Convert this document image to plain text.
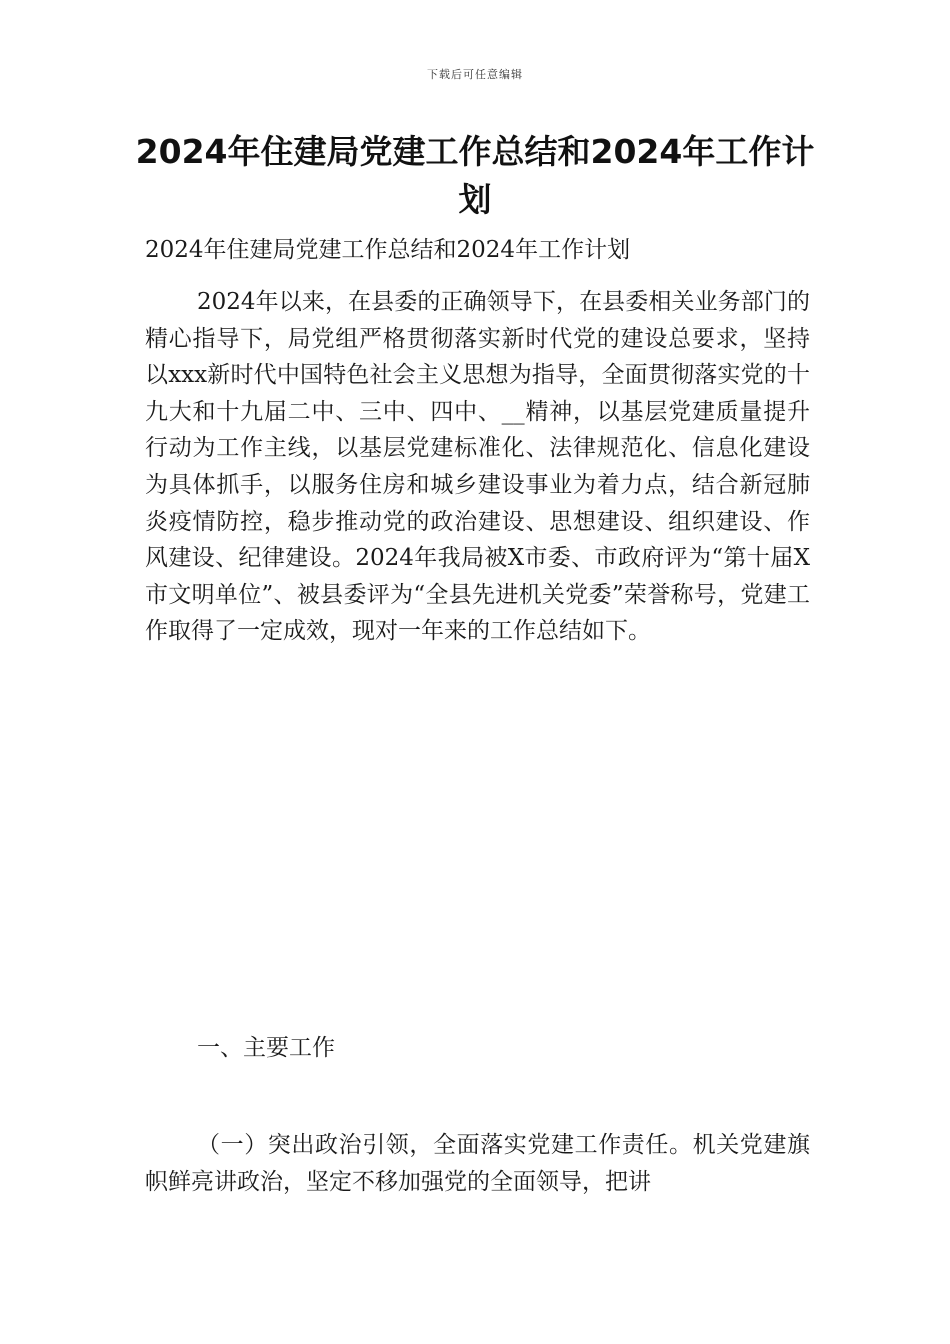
下载后可任意编辑
2024年住建局党建工作总结和2024年工作计划
2024年住建局党建工作总结和2024年工作计划

2024年以来，在县委的正确领导下，在县委相关业务部门的精心指导下，局党组严格贯彻落实新时代党的建设总要求，坚持以xxx新时代中国特色社会主义思想为指导，全面贯彻落实党的十九大和十九届二中、三中、四中、__精神，以基层党建质量提升行动为工作主线，以基层党建标准化、法律规范化、信息化建设为具体抓手，以服务住房和城乡建设事业为着力点，结合新冠肺炎疫情防控，稳步推动党的政治建设、思想建设、组织建设、作风建设、纪律建设。2024年我局被X市委、市政府评为“第十届X市文明单位”、被县委评为“全县先进机关党委”荣誉称号，党建工作取得了一定成效，现对一年来的工作总结如下。

一、主要工作

（一）突出政治引领，全面落实党建工作责任。机关党建旗帜鲜亮讲政治，坚定不移加强党的全面领导，把讲
